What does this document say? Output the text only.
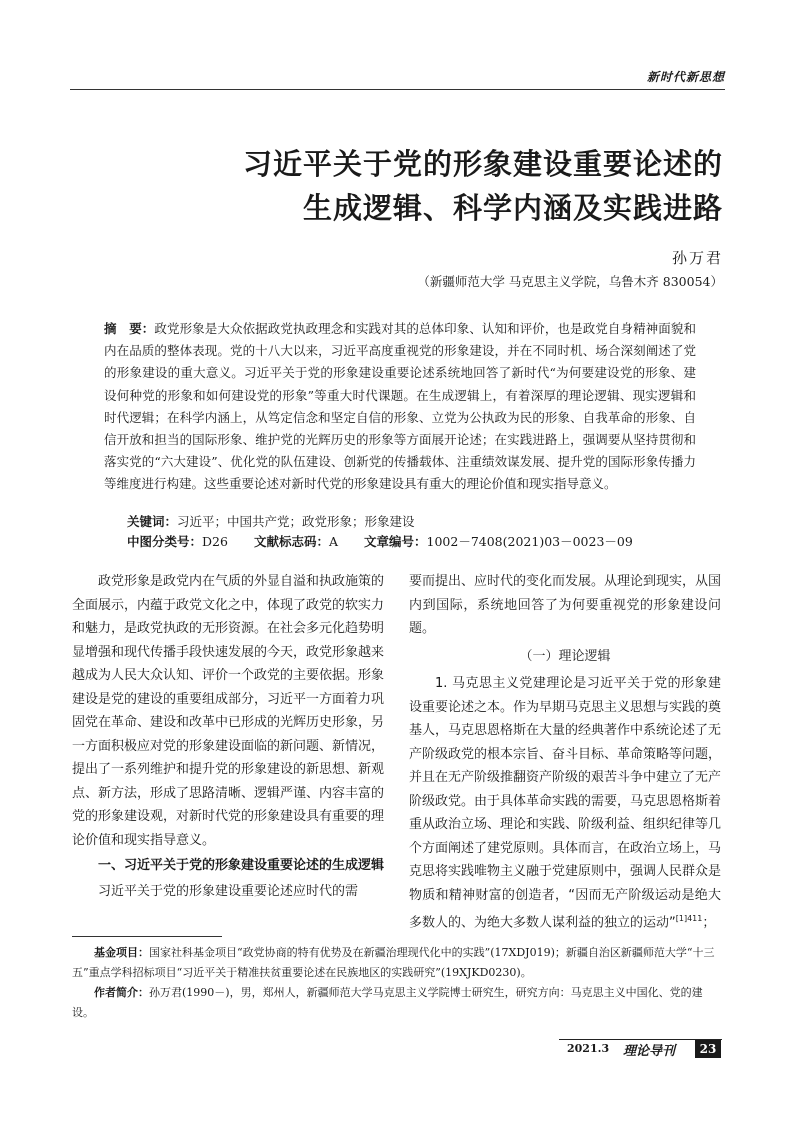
新时代新思想
习近平关于党的形象建设重要论述的
生成逻辑、科学内涵及实践进路
孙万君
（新疆师范大学 马克思主义学院，乌鲁木齐 830054）
摘　要：政党形象是大众依据政党执政理念和实践对其的总体印象、认知和评价，也是政党自身精神面貌和内在品质的整体表现。党的十八大以来，习近平高度重视党的形象建设，并在不同时机、场合深刻阐述了党的形象建设的重大意义。习近平关于党的形象建设重要论述系统地回答了新时代“为何要建设党的形象、建设何种党的形象和如何建设党的形象”等重大时代课题。在生成逻辑上，有着深厚的理论逻辑、现实逻辑和时代逻辑；在科学内涵上，从笃定信念和坚定自信的形象、立党为公执政为民的形象、自我革命的形象、自信开放和担当的国际形象、维护党的光辉历史的形象等方面展开论述；在实践进路上，强调要从坚持贯彻和落实党的“六大建设”、优化党的队伍建设、创新党的传播载体、注重绩效谋发展、提升党的国际形象传播力等维度进行构建。这些重要论述对新时代党的形象建设具有重大的理论价值和现实指导意义。
关键词：习近平；中国共产党；政党形象；形象建设
中图分类号：D26 文献标志码：A 文章编号：1002－7408(2021)03－0023－09

政党形象是政党内在气质的外显自溢和执政施策的全面展示，内蕴于政党文化之中，体现了政党的软实力和魅力，是政党执政的无形资源。在社会多元化趋势明显增强和现代传播手段快速发展的今天，政党形象越来越成为人民大众认知、评价一个政党的主要依据。形象建设是党的建设的重要组成部分，习近平一方面着力巩固党在革命、建设和改革中已形成的光辉历史形象，另一方面积极应对党的形象建设面临的新问题、新情况，提出了一系列维护和提升党的形象建设的新思想、新观点、新方法，形成了思路清晰、逻辑严谨、内容丰富的党的形象建设观，对新时代党的形象建设具有重要的理论价值和现实指导意义。

一、习近平关于党的形象建设重要论述的生成逻辑

习近平关于党的形象建设重要论述应时代的需

要而提出、应时代的变化而发展。从理论到现实，从国内到国际，系统地回答了为何要重视党的形象建设问题。

（一）理论逻辑

1. 马克思主义党建理论是习近平关于党的形象建设重要论述之本。作为早期马克思主义思想与实践的奠基人，马克思恩格斯在大量的经典著作中系统论述了无产阶级政党的根本宗旨、奋斗目标、革命策略等问题，并且在无产阶级推翻资产阶级的艰苦斗争中建立了无产阶级政党。由于具体革命实践的需要，马克思恩格斯着重从政治立场、理论和实践、阶级利益、组织纪律等几个方面阐述了建党原则。具体而言，在政治立场上，马克思将实践唯物主义融于党建原则中，强调人民群众是物质和精神财富的创造者，“因而无产阶级运动是绝大多数人的、为绝大多数人谋利益的独立的运动”$^{[1]411}$；

基金项目：国家社科基金项目“政党协商的特有优势及在新疆治理现代化中的实践”(17XDJ019)；新疆自治区新疆师范大学“十三五”重点学科招标项目“习近平关于精准扶贫重要论述在民族地区的实践研究”(19XJKD0230)。

作者简介：孙万君(1990－)，男，郑州人，新疆师范大学马克思主义学院博士研究生，研究方向：马克思主义中国化、党的建设。

2021.3 理论导刊	23
